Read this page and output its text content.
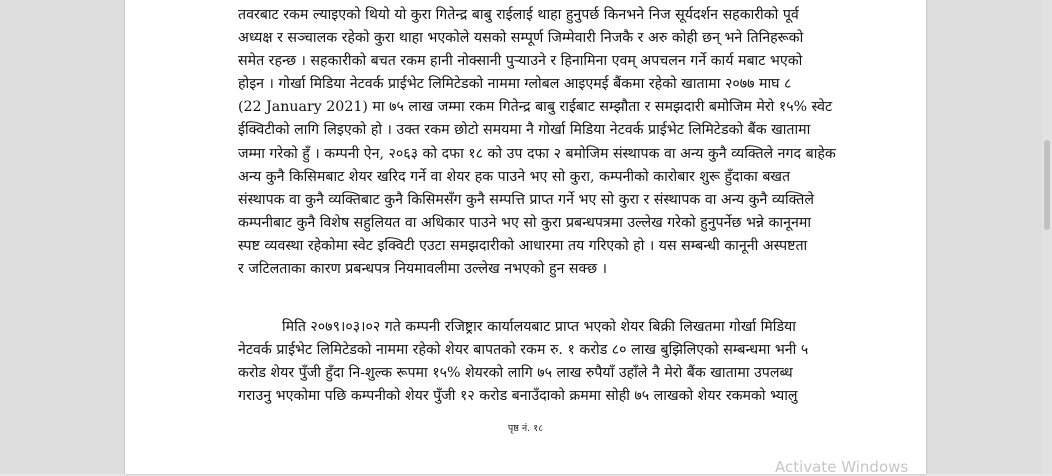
तवरबाट रकम ल्याइएको थियो यो कुरा गितेन्द्र बाबु राईलाई थाहा हुनुपर्छ किनभने निज सूर्यदर्शन सहकारीको पूर्व
अध्यक्ष र सञ्चालक रहेको कुरा थाहा भएकोले यसको सम्पूर्ण जिम्मेवारी निजकै र अरु कोही छन् भने तिनिहरूको
समेत रहन्छ । सहकारीको बचत रकम हानी नोक्सानी पुऱ्याउने र हिनामिना एवम् अपचलन गर्ने कार्य मबाट भएको
होइन । गोर्खा मिडिया नेटवर्क प्राईभेट लिमिटेडको नाममा ग्लोबल आइएमई बैंकमा रहेको खातामा २०७७ माघ ८
(22 January 2021) मा ७५ लाख जम्मा रकम गितेन्द्र बाबु राईबाट सम्झौता र समझदारी बमोजिम मेरो १५% स्वेट
ईक्विटीको लागि लिइएको हो । उक्त रकम छोटो समयमा नै गोर्खा मिडिया नेटवर्क प्राईभेट लिमिटेडको बैंक खातामा
जम्मा गरेको हुँ । कम्पनी ऐन, २०६३ को दफा १८ को उप दफा २ बमोजिम संस्थापक वा अन्य कुनै व्यक्तिले नगद बाहेक
अन्य कुनै किसिमबाट शेयर खरिद गर्ने वा शेयर हक पाउने भए सो कुरा, कम्पनीको कारोबार शुरू हुँदाका बखत
संस्थापक वा कुनै व्यक्तिबाट कुनै किसिमसँग कुनै सम्पत्ति प्राप्त गर्ने भए सो कुरा र संस्थापक वा अन्य कुनै व्यक्तिले
कम्पनीबाट कुनै विशेष सहुलियत वा अधिकार पाउने भए सो कुरा प्रबन्धपत्रमा उल्लेख गरेको हुनुपर्नेछ भन्ने कानूनमा
स्पष्ट व्यवस्था रहेकोमा स्वेट इक्विटी एउटा समझदारीको आधारमा तय गरिएको हो । यस सम्बन्धी कानूनी अस्पष्टता
र जटिलताका कारण प्रबन्धपत्र नियमावलीमा उल्लेख नभएको हुन सक्छ ।
मिति २०७९।०३।०२ गते कम्पनी रजिष्ट्रार कार्यालयबाट प्राप्त भएको शेयर बिक्री लिखतमा गोर्खा मिडिया
नेटवर्क प्राईभेट लिमिटेडको नाममा रहेको शेयर बापतको रकम रु. १ करोड ८० लाख बुझिलिएको सम्बन्धमा भनी ५
करोड शेयर पुँजी हुँदा नि-शुल्क रूपमा १५% शेयरको लागि ७५ लाख रुपैयाँ उहाँले नै मेरो बैंक खातामा उपलब्ध
गराउनु भएकोमा पछि कम्पनीको शेयर पुँजी १२ करोड बनाउँदाको क्रममा सोही ७५ लाखको शेयर रकमको भ्यालु
पृष्ठ नं. १८
Activate Windows
